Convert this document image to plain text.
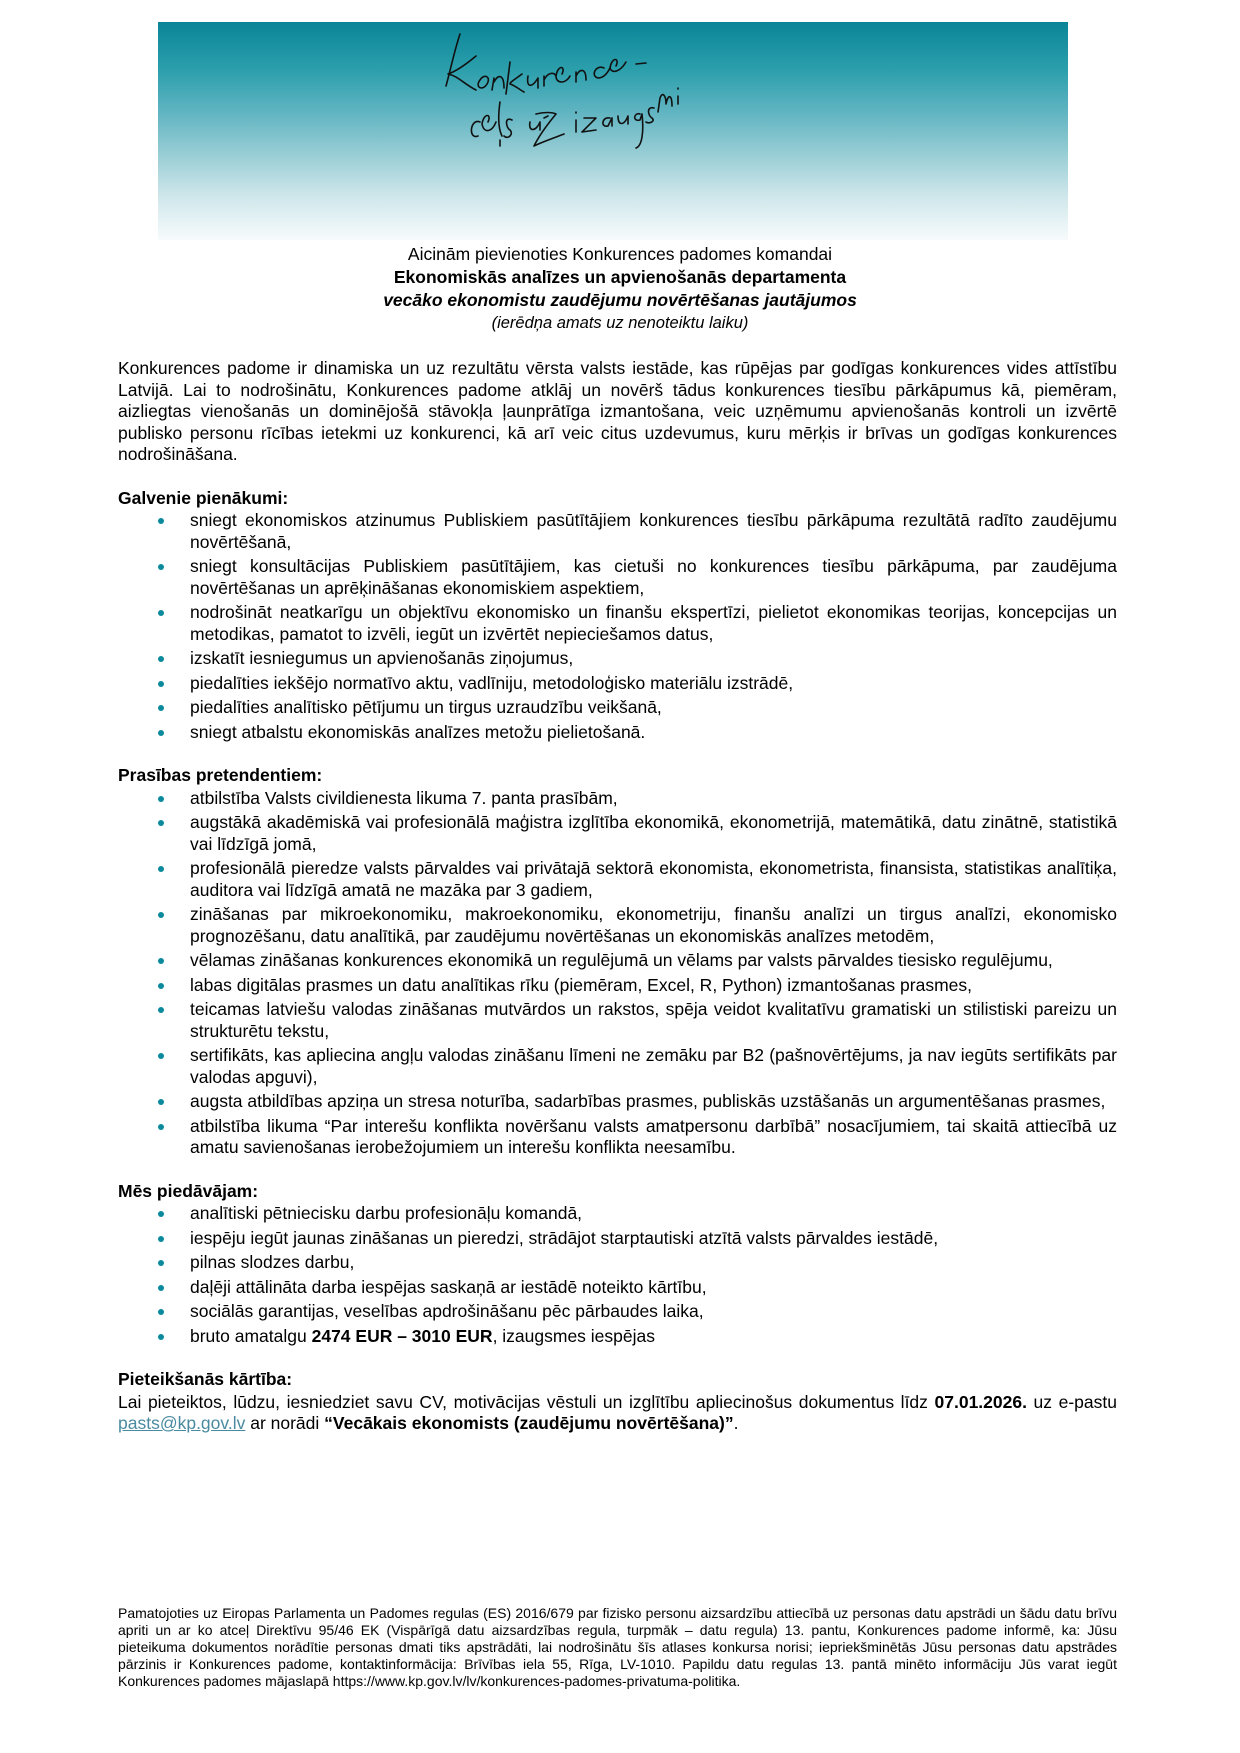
Aicinām pievienoties Konkurences padomes komandai
Ekonomiskās analīzes un apvienošanās departamenta
vecāko ekonomistu zaudējumu novērtēšanas jautājumos
(ierēdņa amats uz nenoteiktu laiku)

Konkurences padome ir dinamiska un uz rezultātu vērsta valsts iestāde, kas rūpējas par godīgas konkurences vides attīstību Latvijā. Lai to nodrošinātu, Konkurences padome atklāj un novērš tādus konkurences tiesību pārkāpumus kā, piemēram, aizliegtas vienošanās un dominējošā stāvokļa ļaunprātīga izmantošana, veic uzņēmumu apvienošanās kontroli un izvērtē publisko personu rīcības ietekmi uz konkurenci, kā arī veic citus uzdevumus, kuru mērķis ir brīvas un godīgas konkurences nodrošināšana.

Galvenie pienākumi:
sniegt ekonomiskos atzinumus Publiskiem pasūtītājiem konkurences tiesību pārkāpuma rezultātā radīto zaudējumu novērtēšanā,
sniegt konsultācijas Publiskiem pasūtītājiem, kas cietuši no konkurences tiesību pārkāpuma, par zaudējuma novērtēšanas un aprēķināšanas ekonomiskiem aspektiem,
nodrošināt neatkarīgu un objektīvu ekonomisko un finanšu ekspertīzi, pielietot ekonomikas teorijas, koncepcijas un metodikas, pamatot to izvēli, iegūt un izvērtēt nepieciešamos datus,
izskatīt iesniegumus un apvienošanās ziņojumus,
piedalīties iekšējo normatīvo aktu, vadlīniju, metodoloģisko materiālu izstrādē,
piedalīties analītisko pētījumu un tirgus uzraudzību veikšanā,
sniegt atbalstu ekonomiskās analīzes metožu pielietošanā.
Prasības pretendentiem:
atbilstība Valsts civildienesta likuma 7. panta prasībām,
augstākā akadēmiskā vai profesionālā maģistra izglītība ekonomikā, ekonometrijā, matemātikā, datu zinātnē, statistikā vai līdzīgā jomā,
profesionālā pieredze valsts pārvaldes vai privātajā sektorā ekonomista, ekonometrista, finansista, statistikas analītiķa, auditora vai līdzīgā amatā ne mazāka par 3 gadiem,
zināšanas par mikroekonomiku, makroekonomiku, ekonometriju, finanšu analīzi un tirgus analīzi, ekonomisko prognozēšanu, datu analītikā, par zaudējumu novērtēšanas un ekonomiskās analīzes metodēm,
vēlamas zināšanas konkurences ekonomikā un regulējumā un vēlams par valsts pārvaldes tiesisko regulējumu,
labas digitālas prasmes un datu analītikas rīku (piemēram, Excel, R, Python) izmantošanas prasmes,
teicamas latviešu valodas zināšanas mutvārdos un rakstos, spēja veidot kvalitatīvu gramatiski un stilistiski pareizu un strukturētu tekstu,
sertifikāts, kas apliecina angļu valodas zināšanu līmeni ne zemāku par B2 (pašnovērtējums, ja nav iegūts sertifikāts par valodas apguvi),
augsta atbildības apziņa un stresa noturība, sadarbības prasmes, publiskās uzstāšanās un argumentēšanas prasmes,
atbilstība likuma “Par interešu konflikta novēršanu valsts amatpersonu darbībā” nosacījumiem, tai skaitā attiecībā uz amatu savienošanas ierobežojumiem un interešu konflikta neesamību.
Mēs piedāvājam:
analītiski pētniecisku darbu profesionāļu komandā,
iespēju iegūt jaunas zināšanas un pieredzi, strādājot starptautiski atzītā valsts pārvaldes iestādē,
pilnas slodzes darbu,
daļēji attālināta darba iespējas saskaņā ar iestādē noteikto kārtību,
sociālās garantijas, veselības apdrošināšanu pēc pārbaudes laika,
bruto amatalgu 2474 EUR – 3010 EUR, izaugsmes iespējas
Pieteikšanās kārtība:

Lai pieteiktos, lūdzu, iesniedziet savu CV, motivācijas vēstuli un izglītību apliecinošus dokumentus līdz 07.01.2026. uz e-pastu pasts@kp.gov.lv ar norādi “Vecākais ekonomists (zaudējumu novērtēšana)”.

Pamatojoties uz Eiropas Parlamenta un Padomes regulas (ES) 2016/679 par fizisko personu aizsardzību attiecībā uz personas datu apstrādi un šādu datu brīvu apriti un ar ko atceļ Direktīvu 95/46 EK (Vispārīgā datu aizsardzības regula, turpmāk – datu regula) 13. pantu, Konkurences padome informē, ka: Jūsu pieteikuma dokumentos norādītie personas dmati tiks apstrādāti, lai nodrošinātu šīs atlases konkursa norisi; iepriekšminētās Jūsu personas datu apstrādes pārzinis ir Konkurences padome, kontaktinformācija: Brīvības iela 55, Rīga, LV-1010. Papildu datu regulas 13. pantā minēto informāciju Jūs varat iegūt Konkurences padomes mājaslapā https://www.kp.gov.lv/lv/konkurences-padomes-privatuma-politika.
